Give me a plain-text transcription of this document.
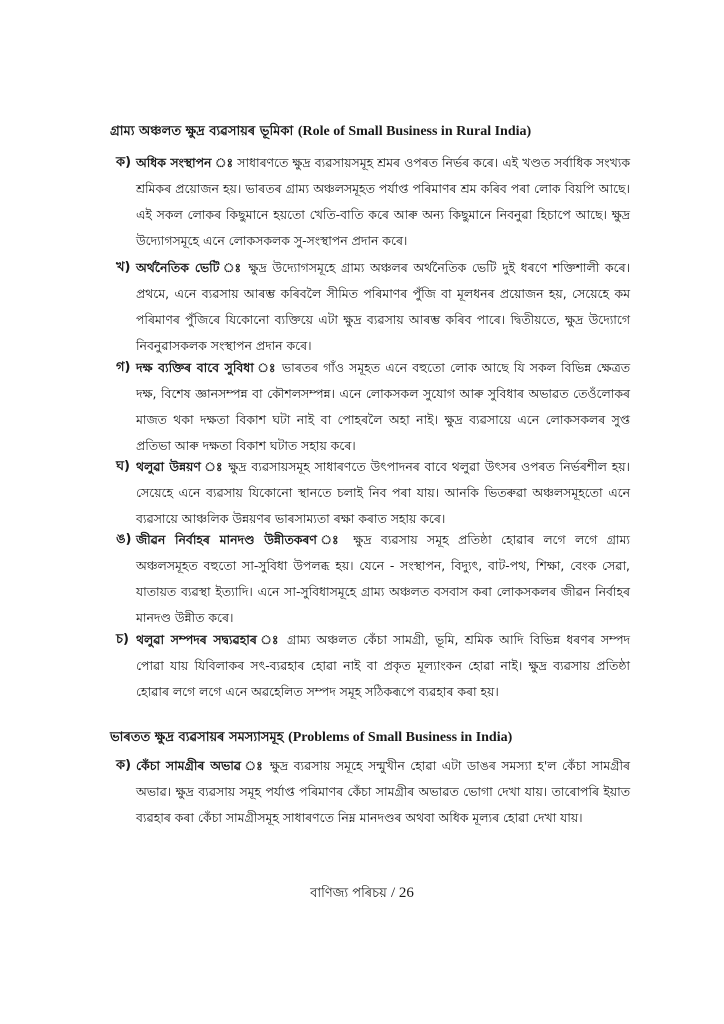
গ্ৰাম্য অঞ্চলত ক্ষুদ্ৰ ব্যৱসায়ৰ ভূমিকা (Role of Small Business in Rural India)
ক) অধিক সংস্থাপন ঃ সাধাৰণতে ক্ষুদ্ৰ ব্যৱসায়সমূহ শ্ৰমৰ ওপৰত নিৰ্ভৰ কৰে। এই খণ্ডত সৰ্বাধিক সংখ্যক শ্ৰমিকৰ প্ৰয়োজন হয়। ভাৰতৰ গ্ৰাম্য অঞ্চলসমূহত পৰ্যাপ্ত পৰিমাণৰ শ্ৰম কৰিব পৰা লোক বিয়পি আছে। এই সকল লোকৰ কিছুমানে হয়তো খেতি-বাতি কৰে আৰু অন্য কিছুমানে নিবনুৱা হিচাপে আছে। ক্ষুদ্ৰ উদ্যোগসমূহে এনে লোকসকলক সু-সংস্থাপন প্ৰদান কৰে।
খ) অৰ্থনৈতিক ভেটি ঃ ক্ষুদ্ৰ উদ্যোগসমূহে গ্ৰাম্য অঞ্চলৰ অৰ্থনৈতিক ভেটি দুই ধৰণে শক্তিশালী কৰে। প্ৰথমে, এনে ব্যৱসায় আৰম্ভ কৰিবলৈ সীমিত পৰিমাণৰ পুঁজি বা মূলধনৰ প্ৰয়োজন হয়, সেয়েহে কম পৰিমাণৰ পুঁজিৰে যিকোনো ব্যক্তিয়ে এটা ক্ষুদ্ৰ ব্যৱসায় আৰম্ভ কৰিব পাৰে। দ্বিতীয়তে, ক্ষুদ্ৰ উদ্যোগে নিবনুৱাসকলক সংস্থাপন প্ৰদান কৰে।
গ) দক্ষ ব্যক্তিৰ বাবে সুবিধা ঃ ভাৰতৰ গাঁও সমূহত এনে বহুতো লোক আছে যি সকল বিভিন্ন ক্ষেত্ৰত দক্ষ, বিশেষ জ্ঞানসম্পন্ন বা কৌশলসম্পন্ন। এনে লোকসকল সুযোগ আৰু সুবিধাৰ অভাৱত তেওঁলোকৰ মাজত থকা দক্ষতা বিকাশ ঘটা নাই বা পোহৰলৈ অহা নাই। ক্ষুদ্ৰ ব্যৱসায়ে এনে লোকসকলৰ সুপ্ত প্ৰতিভা আৰু দক্ষতা বিকাশ ঘটাত সহায় কৰে।
ঘ) থলুৱা উন্নয়ণ ঃ ক্ষুদ্ৰ ব্যৱসায়সমূহ সাধাৰণতে উৎপাদনৰ বাবে থলুৱা উৎসৰ ওপৰত নিৰ্ভৰশীল হয়। সেয়েহে এনে ব্যৱসায় যিকোনো স্থানতে চলাই নিব পৰা যায়। আনকি ভিতৰুৱা অঞ্চলসমূহতো এনে ব্যৱসায়ে আঞ্চলিক উন্নয়ণৰ ভাৰসাম্যতা ৰক্ষা কৰাত সহায় কৰে।
ঙ) জীৱন নিৰ্বাহৰ মানদণ্ড উন্নীতকৰণ ঃ ক্ষুদ্ৰ ব্যৱসায় সমূহ প্ৰতিষ্ঠা হোৱাৰ লগে লগে গ্ৰাম্য অঞ্চলসমূহত বহুতো সা-সুবিধা উপলব্ধ হয়। যেনে - সংস্থাপন, বিদ্যুৎ, বাট-পথ, শিক্ষা, বেংক সেৱা, যাতায়ত ব্যৱস্থা ইত্যাদি। এনে সা-সুবিধাসমূহে গ্ৰাম্য অঞ্চলত বসবাস কৰা লোকসকলৰ জীৱন নিৰ্বাহৰ মানদণ্ড উন্নীত কৰে।
চ) থলুৱা সম্পদৰ সদ্ব্যৱহাৰ ঃ গ্ৰাম্য অঞ্চলত কেঁচা সামগ্ৰী, ভূমি, শ্ৰমিক আদি বিভিন্ন ধৰণৰ সম্পদ পোৱা যায় যিবিলাকৰ সৎ-ব্যৱহাৰ হোৱা নাই বা প্ৰকৃত মূল্যাংকন হোৱা নাই। ক্ষুদ্ৰ ব্যৱসায় প্ৰতিষ্ঠা হোৱাৰ লগে লগে এনে অৱহেলিত সম্পদ সমূহ সঠিকৰূপে ব্যৱহাৰ কৰা হয়।
ভাৰতত ক্ষুদ্ৰ ব্যৱসায়ৰ সমস্যাসমূহ (Problems of Small Business in India)
ক) কেঁচা সামগ্ৰীৰ অভাৱ ঃ ক্ষুদ্ৰ ব্যৱসায় সমূহে সন্মুখীন হোৱা এটা ডাঙৰ সমস্যা হ'ল কেঁচা সামগ্ৰীৰ অভাৱ। ক্ষুদ্ৰ ব্যৱসায় সমূহ পৰ্যাপ্ত পৰিমাণৰ কেঁচা সামগ্ৰীৰ অভাৱত ভোগা দেখা যায়। তাৰোপৰি ইয়াত ব্যৱহাৰ কৰা কেঁচা সামগ্ৰীসমূহ সাধাৰণতে নিম্ন মানদণ্ডৰ অথবা অধিক মূল্যৰ হোৱা দেখা যায়।
বাণিজ্য পৰিচয় / 26
